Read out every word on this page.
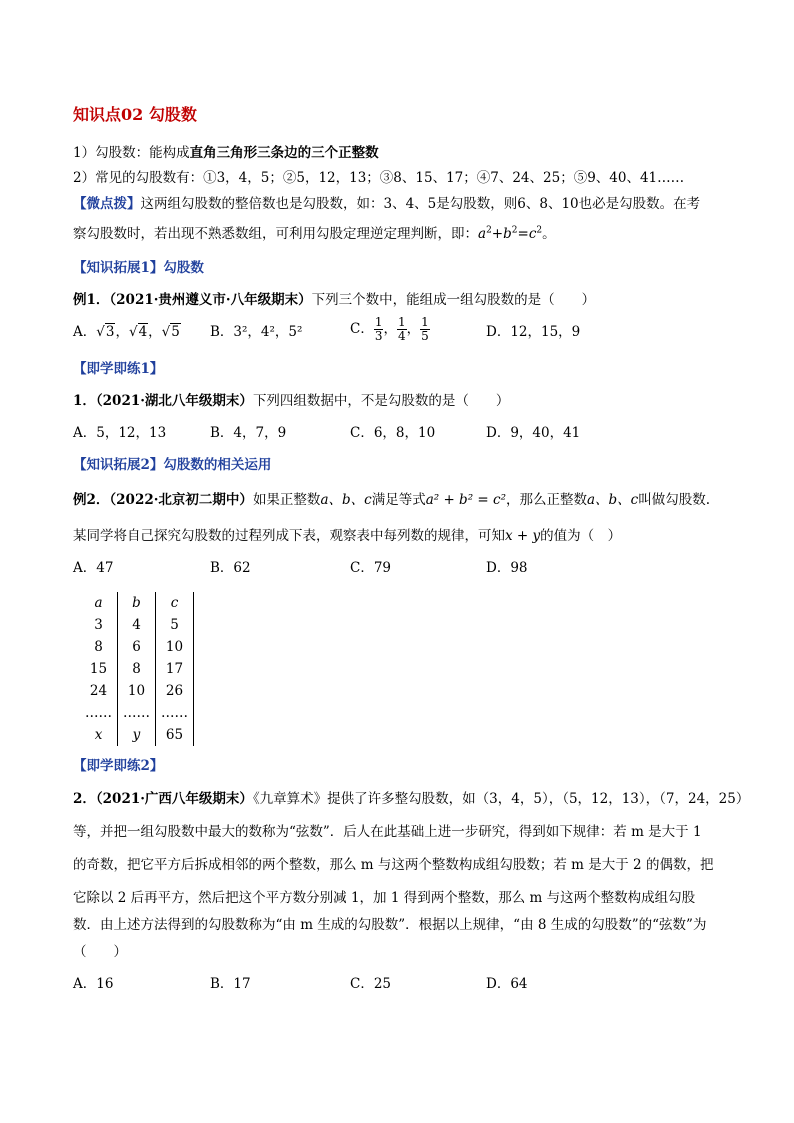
知识点02 勾股数
1）勾股数：能构成直角三角形三条边的三个正整数
2）常见的勾股数有：①3，4，5；②5，12，13；③8、15、17；④7、24、25；⑤9、40、41……
【微点拨】这两组勾股数的整倍数也是勾股数，如：3、4、5是勾股数，则6、8、10也必是勾股数。在考
察勾股数时，若出现不熟悉数组，可利用勾股定理逆定理判断，即：$a^2+b^2=c^2$。
【知识拓展1】勾股数
例1．（2021·贵州遵义市·八年级期末）下列三个数中，能组成一组勾股数的是（　　）
A．√3，√4，√5 B．3²，4²，5²	C． $\frac{1}{3}$ ， $\frac{1}{4}$ ， $\frac{1}{5}$	D．12，15，9
【即学即练1】
1．（2021·湖北八年级期末）下列四组数据中，不是勾股数的是（　　）
A．5，12，13	B．4，7，9	C．6，8，10	D．9，40，41
【知识拓展2】勾股数的相关运用
例2．（2022·北京初二期中）如果正整数a、b、c满足等式a² + b² = c²，那么正整数a、b、c叫做勾股数.
某同学将自己探究勾股数的过程列成下表，观察表中每列数的规律，可知x + y的值为（　）
A．47	B．62	C．79	D．98
a	b	c
3	4	5
8	6	10
15	8	17
24	10	26
……	……	……
x	y	65
【即学即练2】
2．（2021·广西八年级期末）《九章算术》提供了许多整勾股数，如（3，4，5），（5，12，13），（7，24，25）
等，并把一组勾股数中最大的数称为“弦数”．后人在此基础上进一步研究，得到如下规律：若 m 是大于 1
的奇数，把它平方后拆成相邻的两个整数，那么 m 与这两个整数构成组勾股数；若 m 是大于 2 的偶数，把
它除以 2 后再平方，然后把这个平方数分别减 1，加 1 得到两个整数，那么 m 与这两个整数构成组勾股
数．由上述方法得到的勾股数称为“由 m 生成的勾股数”．根据以上规律，“由 8 生成的勾股数”的“弦数”为
（　　）
A．16	B．17	C．25	D．64
